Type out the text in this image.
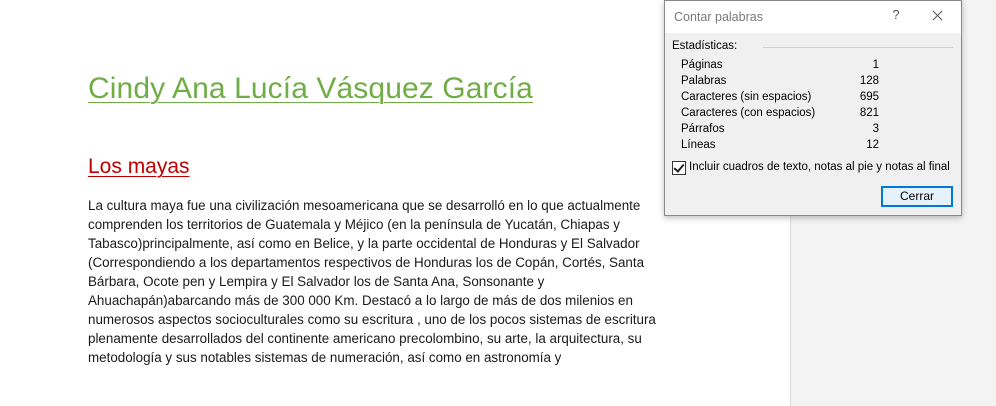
Cindy Ana Lucía Vásquez García
Los mayas
La cultura maya fue una civilización mesoamericana que se desarrolló en lo que actualmente
comprenden los territorios de Guatemala y Méjico (en la península de Yucatán, Chiapas y
Tabasco)principalmente, así como en Belice, y la parte occidental de Honduras y El Salvador
(Correspondiendo a los departamentos respectivos de Honduras los de Copán, Cortés, Santa
Bárbara, Ocote pen y Lempira y El Salvador los de Santa Ana, Sonsonante y
Ahuachapán)abarcando más de 300 000 Km. Destacó a lo largo de más de dos milenios en
numerosos aspectos socioculturales como su escritura , uno de los pocos sistemas de escritura
plenamente desarrollados del continente americano precolombino, su arte, la arquitectura, su
metodología y sus notables sistemas de numeración, así como en astronomía y
Contar palabras	?
Estadísticas:
Páginas	1
Palabras	128
Caracteres (sin espacios)	695
Caracteres (con espacios)	821
Párrafos	3
Líneas	12
Incluir cuadros de texto, notas al pie y notas al final
Cerrar
